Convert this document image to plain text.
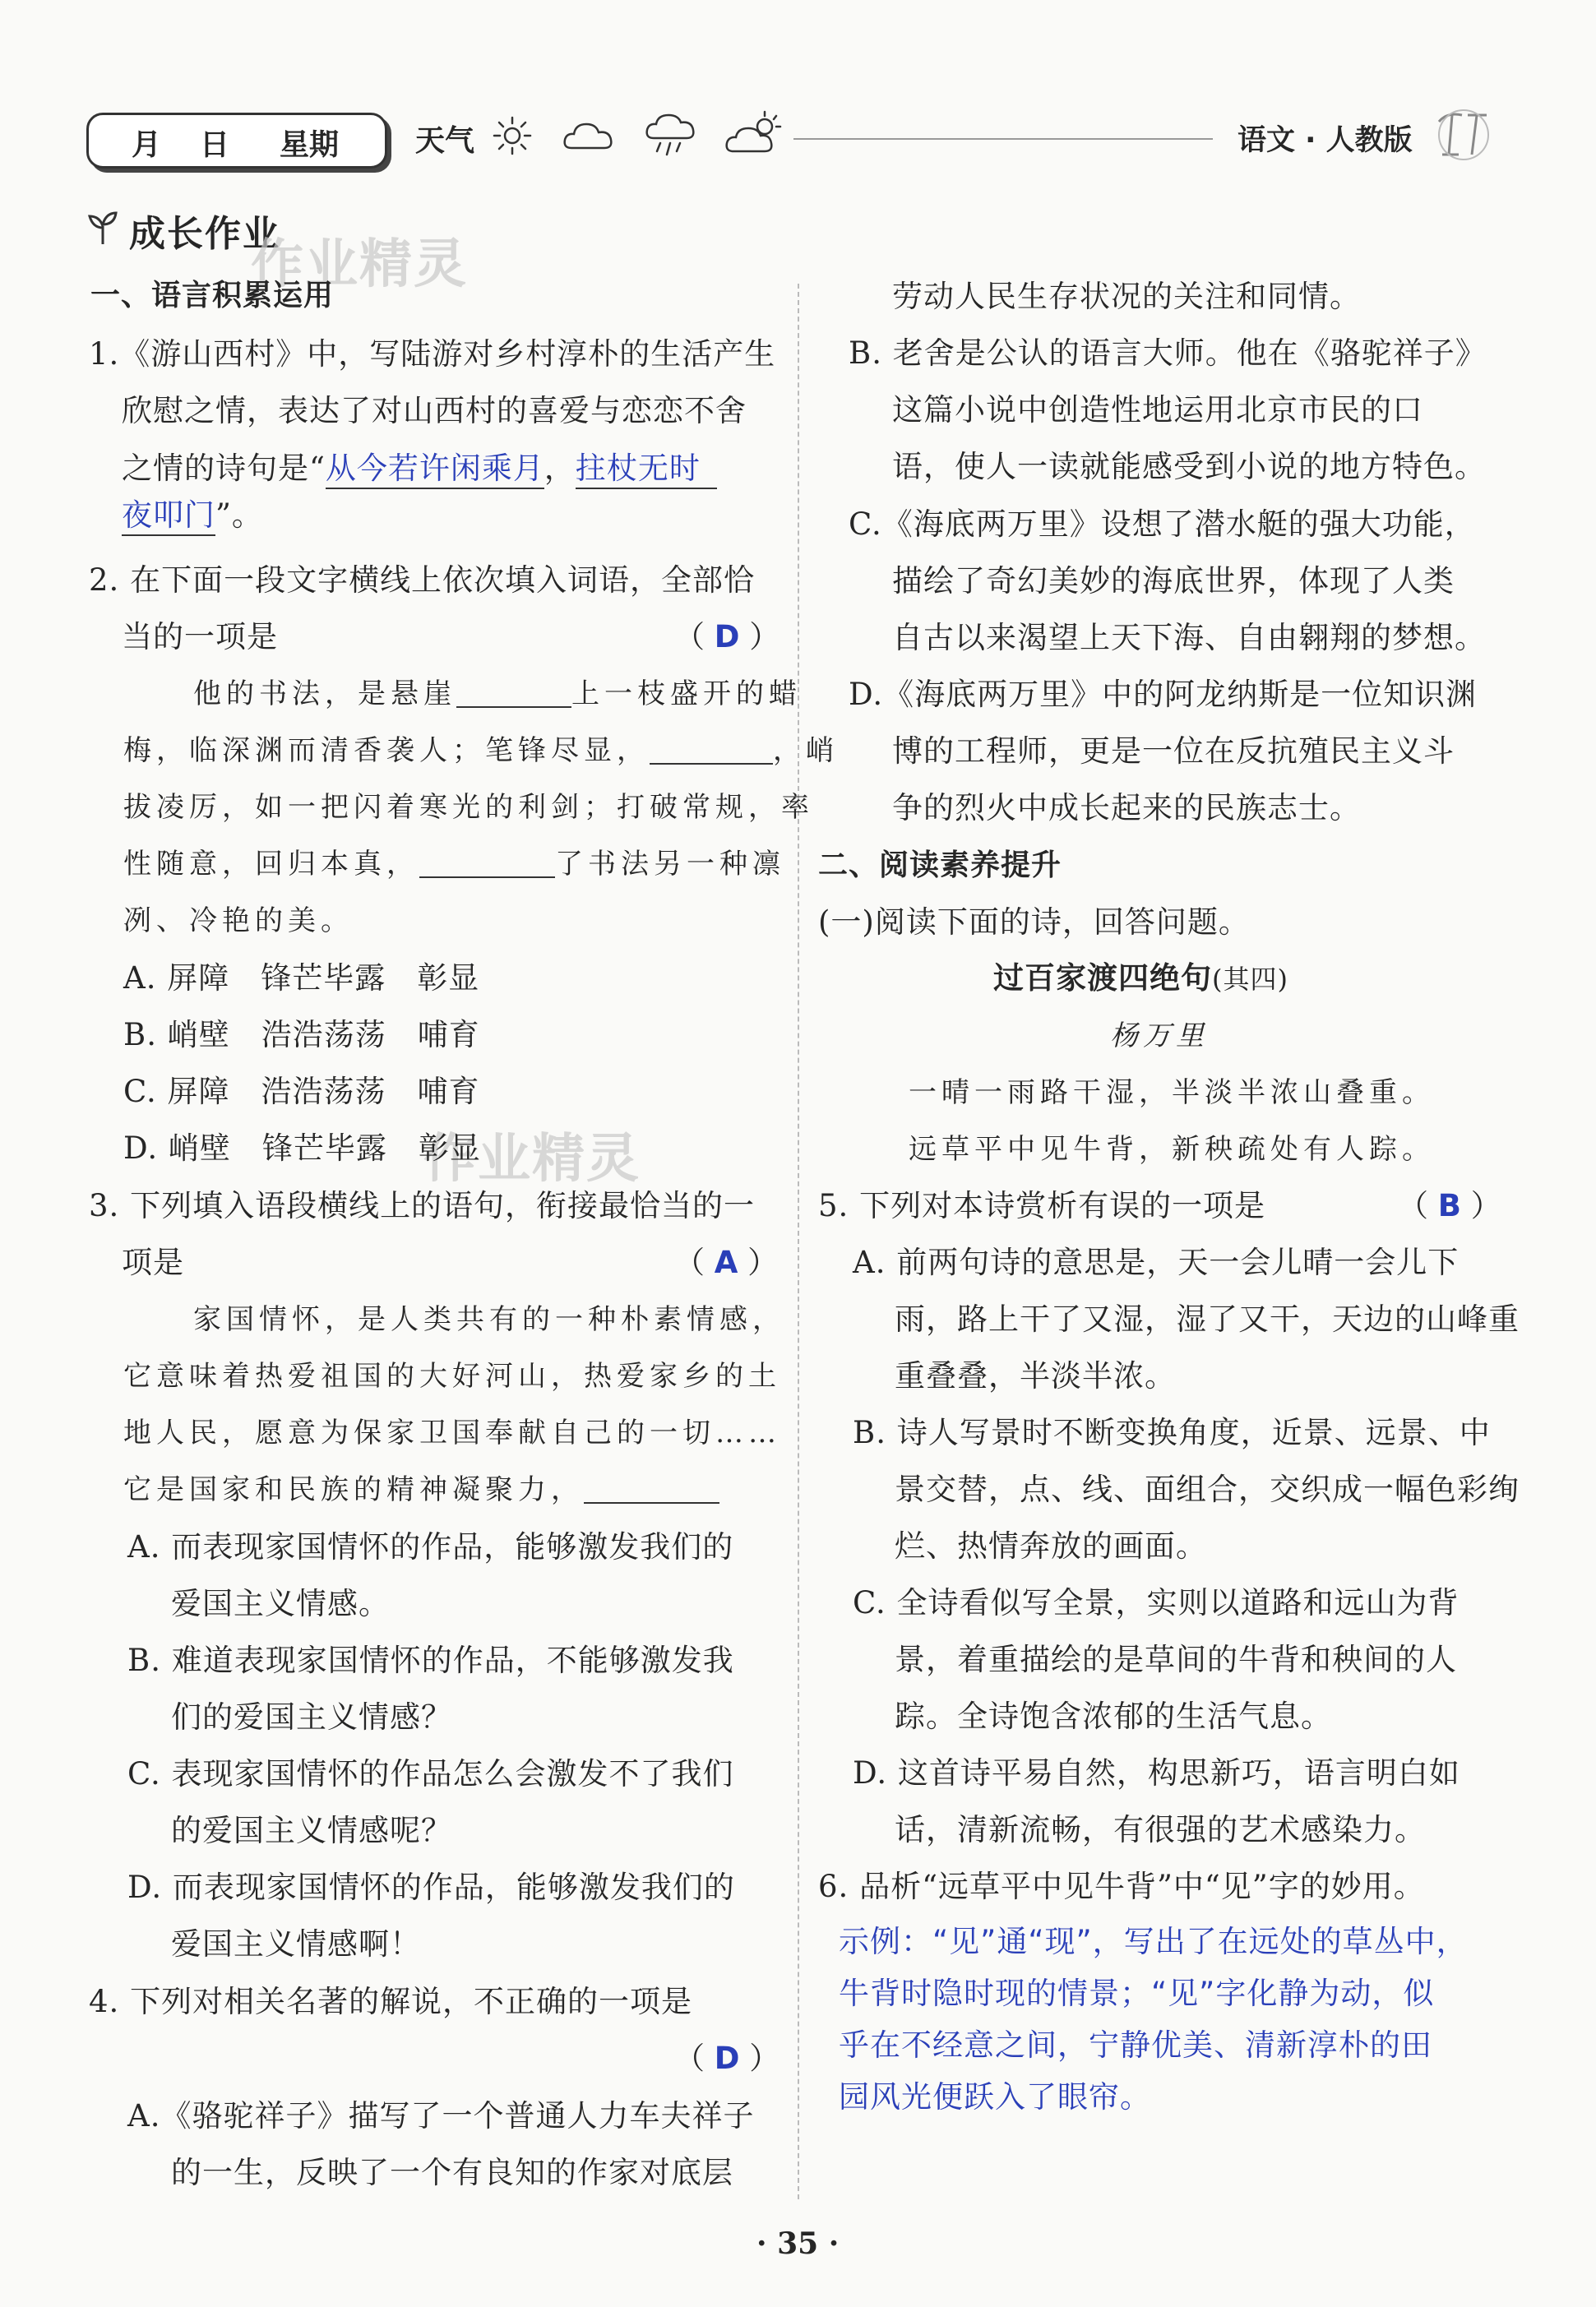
月 日 星期	天气	语文 · 人教版
成长作业
作业精灵
作业精灵
一、语言积累运用
1.《游山西村》中，写陆游对乡村淳朴的生活产生
欣慰之情，表达了对山西村的喜爱与恋恋不舍
之情的诗句是“从今若许闲乘月，拄杖无时
夜叩门”。
2. 在下面一段文字横线上依次填入词语，全部恰
当的一项是	（ D ）
他的书法，是悬崖	上一枝盛开的蜡
梅，临深渊而清香袭人；笔锋尽显，	，峭
拔凌厉，如一把闪着寒光的利剑；打破常规，率
性随意，回归本真，	了书法另一种凛
冽、冷艳的美。
A. 屏障　锋芒毕露　彰显
B. 峭壁　浩浩荡荡　哺育
C. 屏障　浩浩荡荡　哺育
D. 峭壁　锋芒毕露　彰显
3. 下列填入语段横线上的语句，衔接最恰当的一
项是	（ A ）
家国情怀，是人类共有的一种朴素情感，
它意味着热爱祖国的大好河山，热爱家乡的土
地人民，愿意为保家卫国奉献自己的一切……
它是国家和民族的精神凝聚力，
A. 而表现家国情怀的作品，能够激发我们的
爱国主义情感。
B. 难道表现家国情怀的作品，不能够激发我
们的爱国主义情感？
C. 表现家国情怀的作品怎么会激发不了我们
的爱国主义情感呢？
D. 而表现家国情怀的作品，能够激发我们的
爱国主义情感啊！
4. 下列对相关名著的解说，不正确的一项是
（ D ）
A.《骆驼祥子》描写了一个普通人力车夫祥子
的一生，反映了一个有良知的作家对底层
劳动人民生存状况的关注和同情。
B. 老舍是公认的语言大师。他在《骆驼祥子》
这篇小说中创造性地运用北京市民的口
语，使人一读就能感受到小说的地方特色。
C.《海底两万里》设想了潜水艇的强大功能，
描绘了奇幻美妙的海底世界，体现了人类
自古以来渴望上天下海、自由翱翔的梦想。
D.《海底两万里》中的阿龙纳斯是一位知识渊
博的工程师，更是一位在反抗殖民主义斗
争的烈火中成长起来的民族志士。
二、阅读素养提升
(一)阅读下面的诗，回答问题。
过百家渡四绝句(其四)
杨万里
一晴一雨路干湿，半淡半浓山叠重。
远草平中见牛背，新秧疏处有人踪。
5. 下列对本诗赏析有误的一项是	（ B ）
A. 前两句诗的意思是，天一会儿晴一会儿下
雨，路上干了又湿，湿了又干，天边的山峰重
重叠叠，半淡半浓。
B. 诗人写景时不断变换角度，近景、远景、中
景交替，点、线、面组合，交织成一幅色彩绚
烂、热情奔放的画面。
C. 全诗看似写全景，实则以道路和远山为背
景，着重描绘的是草间的牛背和秧间的人
踪。全诗饱含浓郁的生活气息。
D. 这首诗平易自然，构思新巧，语言明白如
话，清新流畅，有很强的艺术感染力。
6. 品析“远草平中见牛背”中“见”字的妙用。
示例：“见”通“现”，写出了在远处的草丛中，
牛背时隐时现的情景；“见”字化静为动，似
乎在不经意之间，宁静优美、清新淳朴的田
园风光便跃入了眼帘。
· 35 ·
